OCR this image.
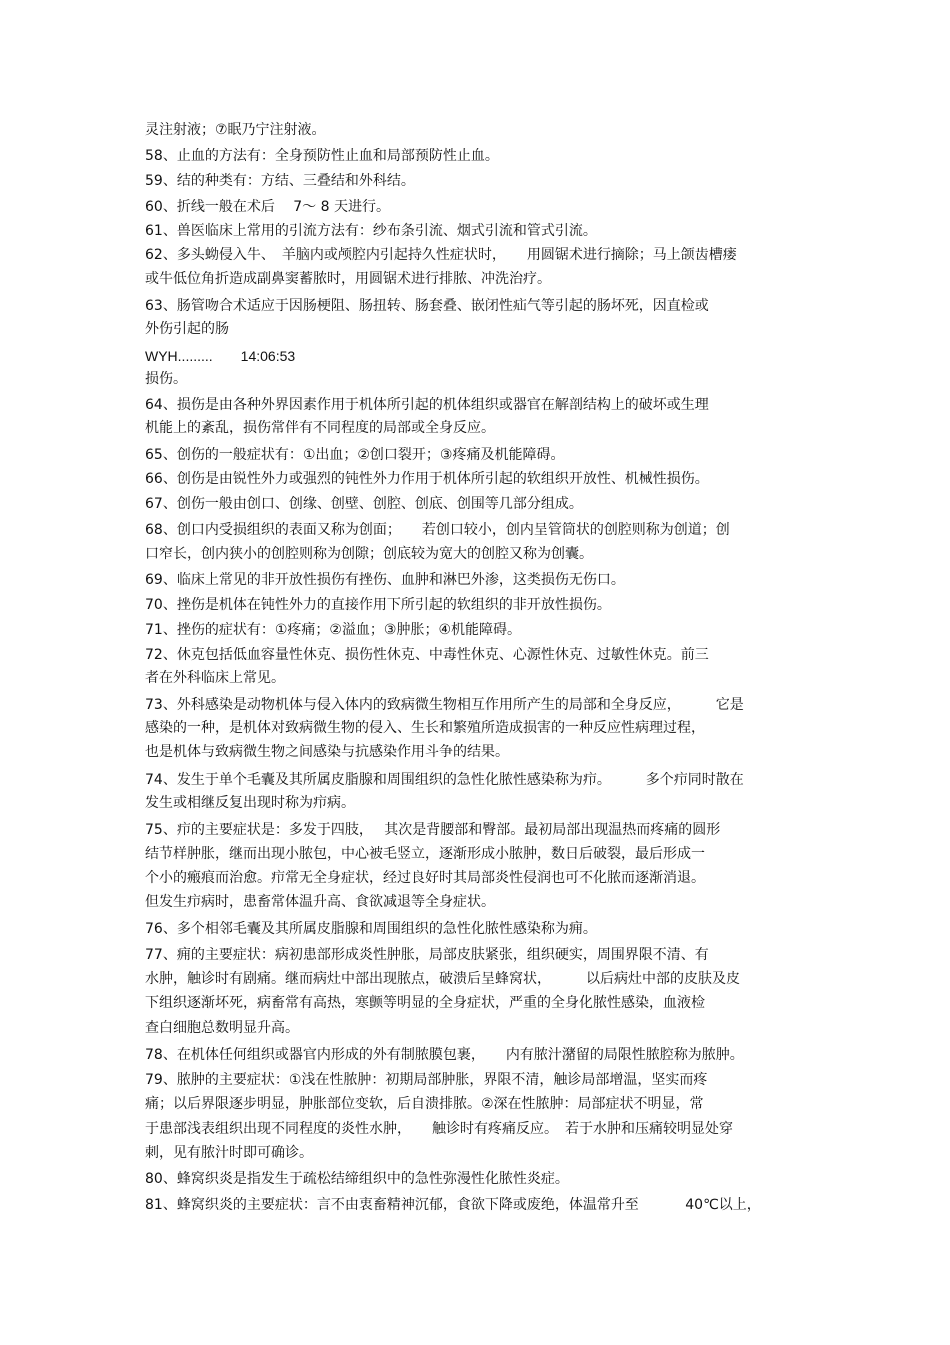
灵注射液；⑦眠乃宁注射液。
58、止血的方法有：全身预防性止血和局部预防性止血。
59、结的种类有：方结、三叠结和外科结。
60、折线一般在术后　 7～ 8 天进行。
61、兽医临床上常用的引流方法有：纱布条引流、烟式引流和管式引流。
62、多头蚴侵入牛、　羊脑内或颅腔内引起持久性症状时，　　用圆锯术进行摘除；马上颌齿槽瘘
或牛低位角折造成副鼻窦蓄脓时，用圆锯术进行排脓、冲洗治疗。
63、肠管吻合术适应于因肠梗阻、肠扭转、肠套叠、嵌闭性疝气等引起的肠坏死，因直检或
外伤引起的肠
WYH.........　　14:06:53
损伤。
64、损伤是由各种外界因素作用于机体所引起的机体组织或器官在解剖结构上的破坏或生理
机能上的紊乱，损伤常伴有不同程度的局部或全身反应。
65、创伤的一般症状有：①出血；②创口裂开；③疼痛及机能障碍。
66、创伤是由锐性外力或强烈的钝性外力作用于机体所引起的软组织开放性、机械性损伤。
67、创伤一般由创口、创缘、创壁、创腔、创底、创围等几部分组成。
68、创口内受损组织的表面又称为创面；　　若创口较小，创内呈管筒状的创腔则称为创道；创
口窄长，创内狭小的创腔则称为创隙；创底较为宽大的创腔又称为创囊。
69、临床上常见的非开放性损伤有挫伤、血肿和淋巴外渗，这类损伤无伤口。
70、挫伤是机体在钝性外力的直接作用下所引起的软组织的非开放性损伤。
71、挫伤的症状有：①疼痛；②溢血；③肿胀；④机能障碍。
72、休克包括低血容量性休克、损伤性休克、中毒性休克、心源性休克、过敏性休克。前三
者在外科临床上常见。
73、外科感染是动物机体与侵入体内的致病微生物相互作用所产生的局部和全身反应，　　　它是
感染的一种，是机体对致病微生物的侵入、生长和繁殖所造成损害的一种反应性病理过程，
也是机体与致病微生物之间感染与抗感染作用斗争的结果。
74、发生于单个毛囊及其所属皮脂腺和周围组织的急性化脓性感染称为疖。　　　多个疖同时散在
发生或相继反复出现时称为疖病。
75、疖的主要症状是：多发于四肢，　 其次是背腰部和臀部。最初局部出现温热而疼痛的圆形
结节样肿胀，继而出现小脓包，中心被毛竖立，逐渐形成小脓肿，数日后破裂，最后形成一
个小的瘢痕而治愈。疖常无全身症状，经过良好时其局部炎性侵润也可不化脓而逐渐消退。
但发生疖病时，患畜常体温升高、食欲减退等全身症状。
76、多个相邻毛囊及其所属皮脂腺和周围组织的急性化脓性感染称为痈。
77、痈的主要症状：病初患部形成炎性肿胀，局部皮肤紧张，组织硬实，周围界限不清、有
水肿，触诊时有剧痛。继而病灶中部出现脓点，破溃后呈蜂窝状，　　　以后病灶中部的皮肤及皮
下组织逐渐坏死，病畜常有高热，寒颤等明显的全身症状，严重的全身化脓性感染，血液检
查白细胞总数明显升高。
78、在机体任何组织或器官内形成的外有制脓膜包裹，　　内有脓汁潴留的局限性脓腔称为脓肿。
79、脓肿的主要症状：①浅在性脓肿：初期局部肿胀，界限不清，触诊局部增温，坚实而疼
痛；以后界限逐步明显，肿胀部位变软，后自溃排脓。②深在性脓肿：局部症状不明显，常
于患部浅表组织出现不同程度的炎性水肿，　　触诊时有疼痛反应。　若于水肿和压痛较明显处穿
刺，见有脓汁时即可确诊。
80、蜂窝织炎是指发生于疏松结缔组织中的急性弥漫性化脓性炎症。
81、蜂窝织炎的主要症状：言不由衷畜精神沉郁，食欲下降或废绝，体温常升至　　　 40℃以上，
